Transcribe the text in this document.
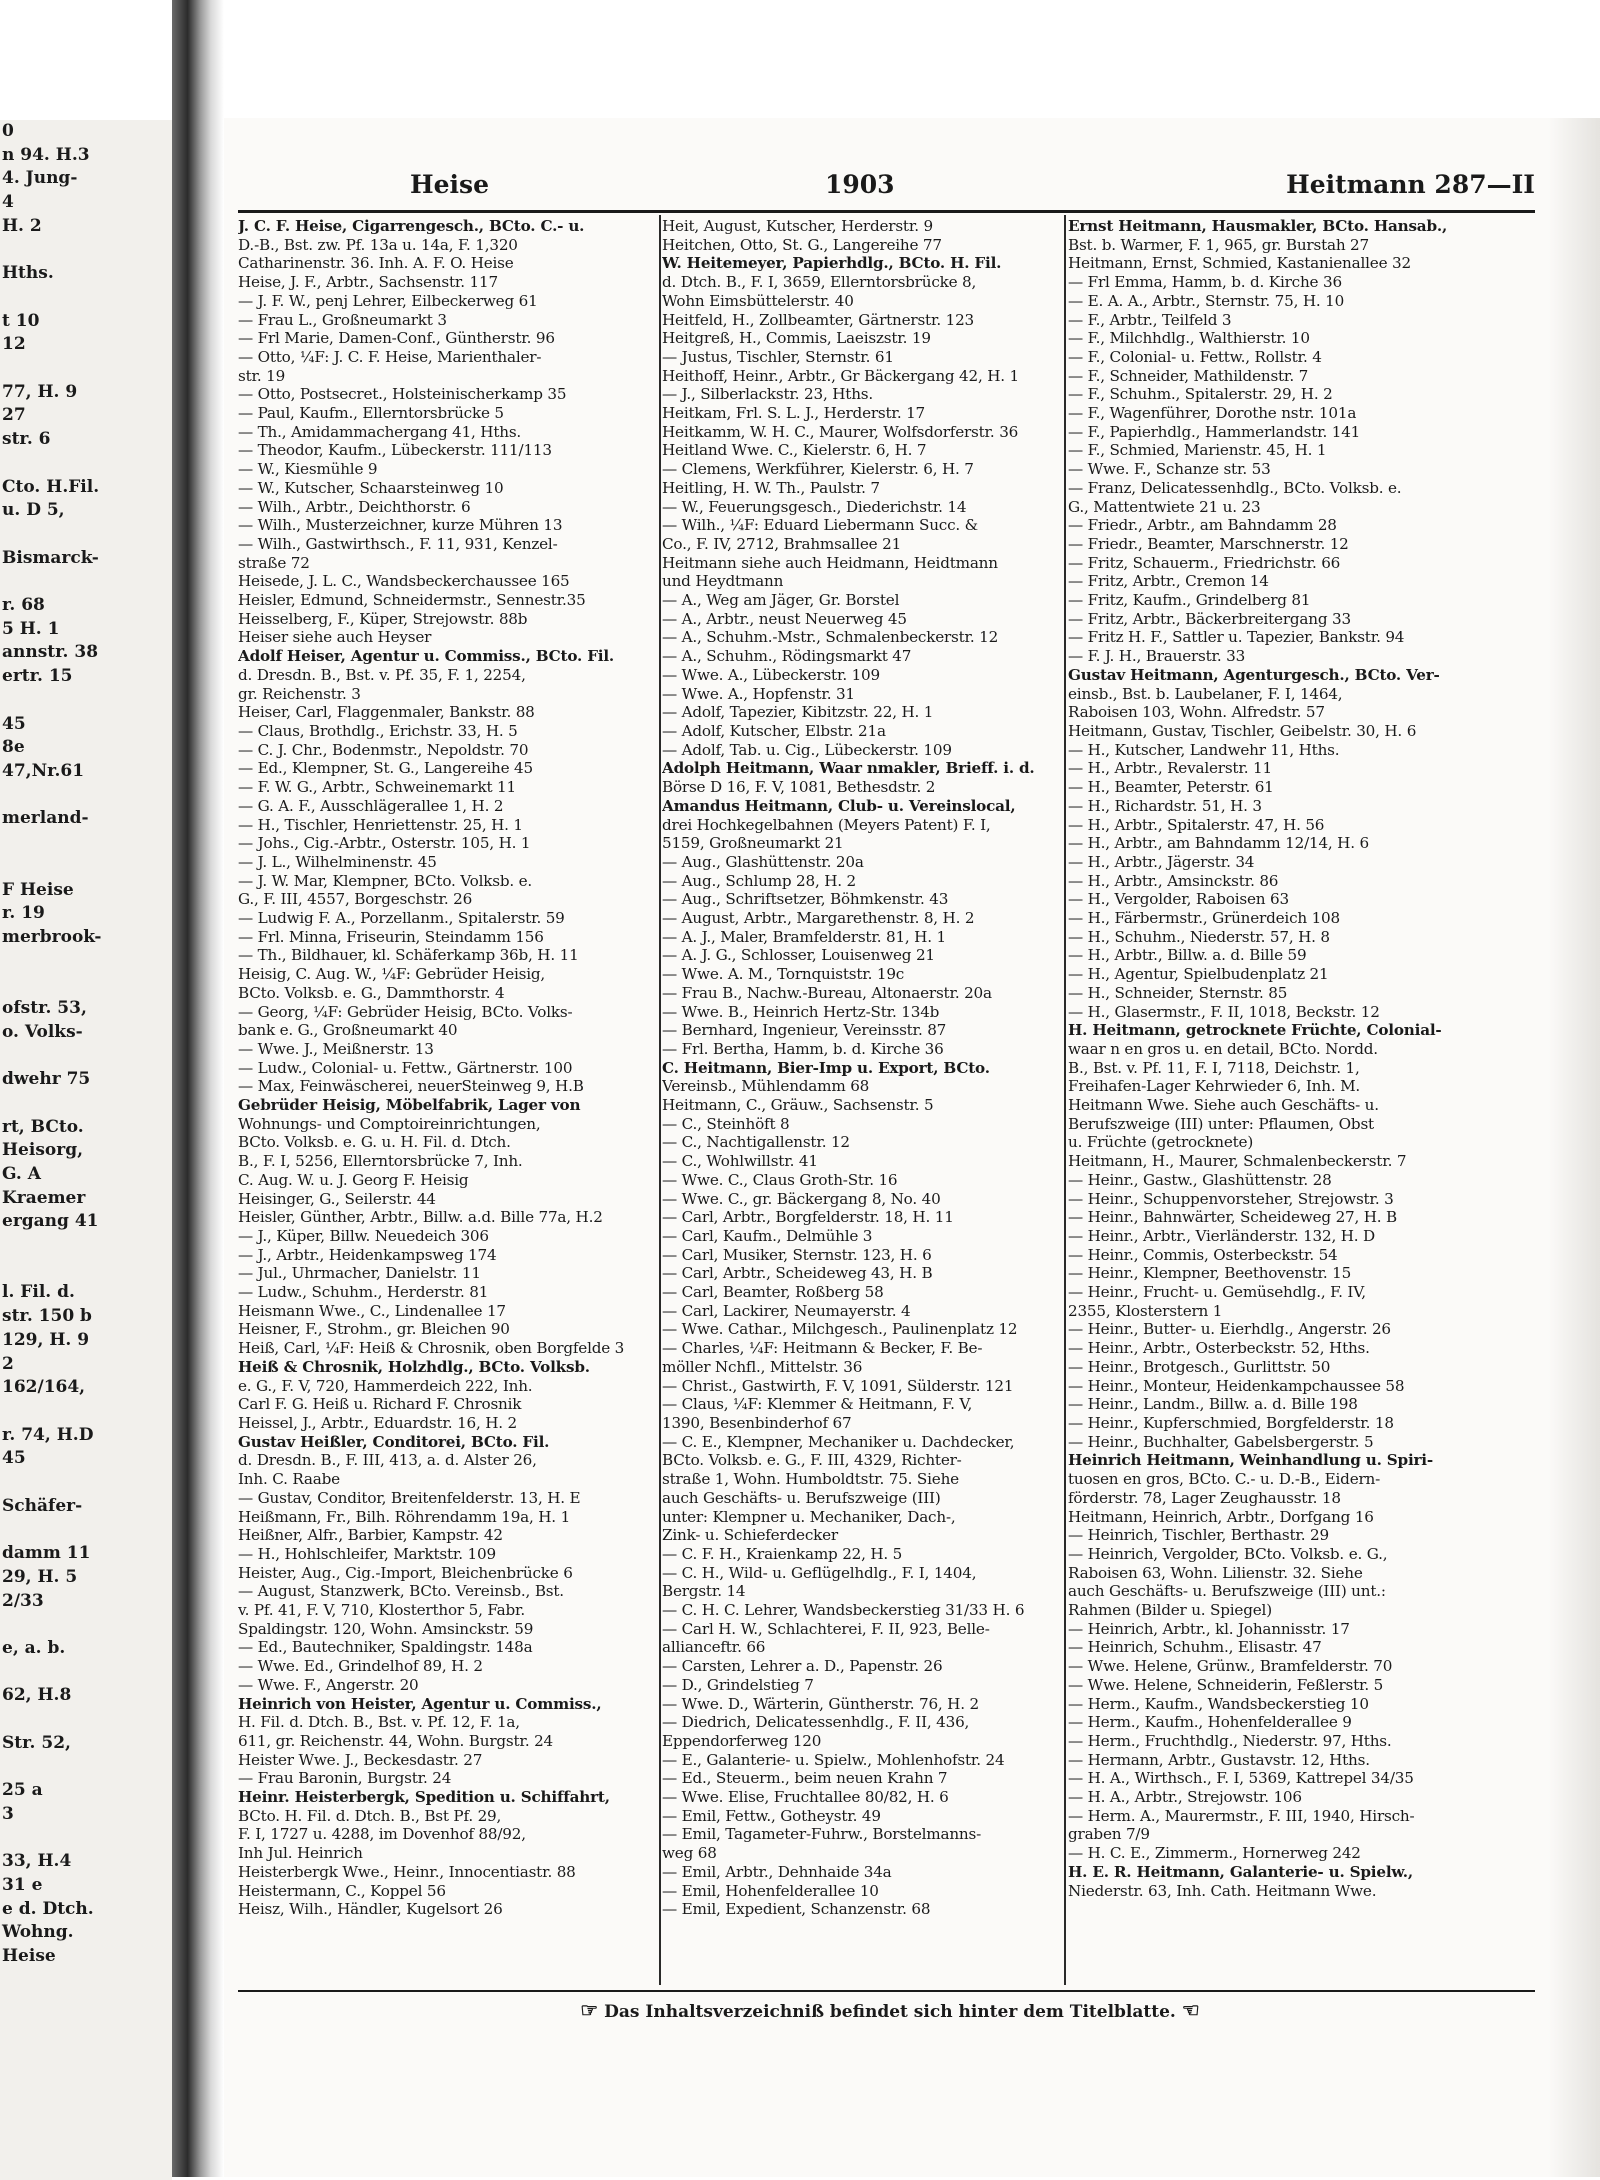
0
n 94. H.3
4. Jung-
4
H. 2

Hths.

t 10
12

77, H. 9
27
str. 6

Cto. H.Fil.
u. D 5,

Bismarck-

r. 68
5 H. 1
annstr. 38
ertr. 15

45
8e
47,Nr.61

merland-

F Heise
r. 19
merbrook-

ofstr. 53,
o. Volks-

dwehr 75

rt, BCto.
Heisorg,
G. A
Kraemer
ergang 41

l. Fil. d.
str. 150 b
129, H. 9
2
162/164,

r. 74, H.D
45

Schäfer-

damm 11
29, H. 5
2/33

e, a. b.

62, H.8

Str. 52,

25 a
3

33, H.4
31 e
e d. Dtch.
Wohng.
Heise
Heise	1903	Heitmann 287—II
J. C. F. Heise, Cigarrengesch., BCto. C.- u.
D.-B., Bst. zw. Pf. 13a u. 14a, F. 1,320
Catharinenstr. 36. Inh. A. F. O. Heise
Heise, J. F., Arbtr., Sachsenstr. 117
— J. F. W., penj Lehrer, Eilbeckerweg 61
— Frau L., Großneumarkt 3
— Frl Marie, Damen-Conf., Güntherstr. 96
— Otto, ¼F: J. C. F. Heise, Marienthaler-
str. 19
— Otto, Postsecret., Holsteinischerkamp 35
— Paul, Kaufm., Ellerntorsbrücke 5
— Th., Amidammachergang 41, Hths.
— Theodor, Kaufm., Lübeckerstr. 111/113
— W., Kiesmühle 9
— W., Kutscher, Schaarsteinweg 10
— Wilh., Arbtr., Deichthorstr. 6
— Wilh., Musterzeichner, kurze Mühren 13
— Wilh., Gastwirthsch., F. 11, 931, Kenzel-
straße 72
Heisede, J. L. C., Wandsbeckerchaussee 165
Heisler, Edmund, Schneidermstr., Sennestr.35
Heisselberg, F., Küper, Strejowstr. 88b
Heiser siehe auch Heyser
Adolf Heiser, Agentur u. Commiss., BCto. Fil.
d. Dresdn. B., Bst. v. Pf. 35, F. 1, 2254,
gr. Reichenstr. 3
Heiser, Carl, Flaggenmaler, Bankstr. 88
— Claus, Brothdlg., Erichstr. 33, H. 5
— C. J. Chr., Bodenmstr., Nepoldstr. 70
— Ed., Klempner, St. G., Langereihe 45
— F. W. G., Arbtr., Schweinemarkt 11
— G. A. F., Ausschlägerallee 1, H. 2
— H., Tischler, Henriettenstr. 25, H. 1
— Johs., Cig.-Arbtr., Osterstr. 105, H. 1
— J. L., Wilhelminenstr. 45
— J. W. Mar, Klempner, BCto. Volksb. e.
G., F. III, 4557, Borgeschstr. 26
— Ludwig F. A., Porzellanm., Spitalerstr. 59
— Frl. Minna, Friseurin, Steindamm 156
— Th., Bildhauer, kl. Schäferkamp 36b, H. 11
Heisig, C. Aug. W., ¼F: Gebrüder Heisig,
BCto. Volksb. e. G., Dammthorstr. 4
— Georg, ¼F: Gebrüder Heisig, BCto. Volks-
bank e. G., Großneumarkt 40
— Wwe. J., Meißnerstr. 13
— Ludw., Colonial- u. Fettw., Gärtnerstr. 100
— Max, Feinwäscherei, neuerSteinweg 9, H.B
Gebrüder Heisig, Möbelfabrik, Lager von
Wohnungs- und Comptoireinrichtungen,
BCto. Volksb. e. G. u. H. Fil. d. Dtch.
B., F. I, 5256, Ellerntorsbrücke 7, Inh.
C. Aug. W. u. J. Georg F. Heisig
Heisinger, G., Seilerstr. 44
Heisler, Günther, Arbtr., Billw. a.d. Bille 77a, H.2
— J., Küper, Billw. Neuedeich 306
— J., Arbtr., Heidenkampsweg 174
— Jul., Uhrmacher, Danielstr. 11
— Ludw., Schuhm., Herderstr. 81
Heismann Wwe., C., Lindenallee 17
Heisner, F., Strohm., gr. Bleichen 90
Heiß, Carl, ¼F: Heiß & Chrosnik, oben Borgfelde 3
Heiß & Chrosnik, Holzhdlg., BCto. Volksb.
e. G., F. V, 720, Hammerdeich 222, Inh.
Carl F. G. Heiß u. Richard F. Chrosnik
Heissel, J., Arbtr., Eduardstr. 16, H. 2
Gustav Heißler, Conditorei, BCto. Fil.
d. Dresdn. B., F. III, 413, a. d. Alster 26,
Inh. C. Raabe
— Gustav, Conditor, Breitenfelderstr. 13, H. E
Heißmann, Fr., Bilh. Röhrendamm 19a, H. 1
Heißner, Alfr., Barbier, Kampstr. 42
— H., Hohlschleifer, Marktstr. 109
Heister, Aug., Cig.-Import, Bleichenbrücke 6
— August, Stanzwerk, BCto. Vereinsb., Bst.
v. Pf. 41, F. V, 710, Klosterthor 5, Fabr.
Spaldingstr. 120, Wohn. Amsinckstr. 59
— Ed., Bautechniker, Spaldingstr. 148a
— Wwe. Ed., Grindelhof 89, H. 2
— Wwe. F., Angerstr. 20
Heinrich von Heister, Agentur u. Commiss.,
H. Fil. d. Dtch. B., Bst. v. Pf. 12, F. 1a,
611, gr. Reichenstr. 44, Wohn. Burgstr. 24
Heister Wwe. J., Beckesdastr. 27
— Frau Baronin, Burgstr. 24
Heinr. Heisterbergk, Spedition u. Schiffahrt,
BCto. H. Fil. d. Dtch. B., Bst Pf. 29,
F. I, 1727 u. 4288, im Dovenhof 88/92,
Inh Jul. Heinrich
Heisterbergk Wwe., Heinr., Innocentiastr. 88
Heistermann, C., Koppel 56
Heisz, Wilh., Händler, Kugelsort 26
Heit, August, Kutscher, Herderstr. 9
Heitchen, Otto, St. G., Langereihe 77
W. Heitemeyer, Papierhdlg., BCto. H. Fil.
d. Dtch. B., F. I, 3659, Ellerntorsbrücke 8,
Wohn Eimsbüttelerstr. 40
Heitfeld, H., Zollbeamter, Gärtnerstr. 123
Heitgreß, H., Commis, Laeiszstr. 19
— Justus, Tischler, Sternstr. 61
Heithoff, Heinr., Arbtr., Gr Bäckergang 42, H. 1
— J., Silberlackstr. 23, Hths.
Heitkam, Frl. S. L. J., Herderstr. 17
Heitkamm, W. H. C., Maurer, Wolfsdorferstr. 36
Heitland Wwe. C., Kielerstr. 6, H. 7
— Clemens, Werkführer, Kielerstr. 6, H. 7
Heitling, H. W. Th., Paulstr. 7
— W., Feuerungsgesch., Diederichstr. 14
— Wilh., ¼F: Eduard Liebermann Succ. &
Co., F. IV, 2712, Brahmsallee 21
Heitmann siehe auch Heidmann, Heidtmann
und Heydtmann
— A., Weg am Jäger, Gr. Borstel
— A., Arbtr., neust Neuerweg 45
— A., Schuhm.-Mstr., Schmalenbeckerstr. 12
— A., Schuhm., Rödingsmarkt 47
— Wwe. A., Lübeckerstr. 109
— Wwe. A., Hopfenstr. 31
— Adolf, Tapezier, Kibitzstr. 22, H. 1
— Adolf, Kutscher, Elbstr. 21a
— Adolf, Tab. u. Cig., Lübeckerstr. 109
Adolph Heitmann, Waar nmakler, Brieff. i. d.
Börse D 16, F. V, 1081, Bethesdstr. 2
Amandus Heitmann, Club- u. Vereinslocal,
drei Hochkegelbahnen (Meyers Patent) F. I,
5159, Großneumarkt 21
— Aug., Glashüttenstr. 20a
— Aug., Schlump 28, H. 2
— Aug., Schriftsetzer, Böhmkenstr. 43
— August, Arbtr., Margarethenstr. 8, H. 2
— A. J., Maler, Bramfelderstr. 81, H. 1
— A. J. G., Schlosser, Louisenweg 21
— Wwe. A. M., Tornquiststr. 19c
— Frau B., Nachw.-Bureau, Altonaerstr. 20a
— Wwe. B., Heinrich Hertz-Str. 134b
— Bernhard, Ingenieur, Vereinsstr. 87
— Frl. Bertha, Hamm, b. d. Kirche 36
C. Heitmann, Bier-Imp u. Export, BCto.
Vereinsb., Mühlendamm 68
Heitmann, C., Gräuw., Sachsenstr. 5
— C., Steinhöft 8
— C., Nachtigallenstr. 12
— C., Wohlwillstr. 41
— Wwe. C., Claus Groth-Str. 16
— Wwe. C., gr. Bäckergang 8, No. 40
— Carl, Arbtr., Borgfelderstr. 18, H. 11
— Carl, Kaufm., Delmühle 3
— Carl, Musiker, Sternstr. 123, H. 6
— Carl, Arbtr., Scheideweg 43, H. B
— Carl, Beamter, Roßberg 58
— Carl, Lackirer, Neumayerstr. 4
— Wwe. Cathar., Milchgesch., Paulinenplatz 12
— Charles, ¼F: Heitmann & Becker, F. Be-
möller Nchfl., Mittelstr. 36
— Christ., Gastwirth, F. V, 1091, Sülderstr. 121
— Claus, ¼F: Klemmer & Heitmann, F. V,
1390, Besenbinderhof 67
— C. E., Klempner, Mechaniker u. Dachdecker,
BCto. Volksb. e. G., F. III, 4329, Richter-
straße 1, Wohn. Humboldtstr. 75. Siehe
auch Geschäfts- u. Berufszweige (III)
unter: Klempner u. Mechaniker, Dach-,
Zink- u. Schieferdecker
— C. F. H., Kraienkamp 22, H. 5
— C. H., Wild- u. Geflügelhdlg., F. I, 1404,
Bergstr. 14
— C. H. C. Lehrer, Wandsbeckerstieg 31/33 H. 6
— Carl H. W., Schlachterei, F. II, 923, Belle-
allianceftr. 66
— Carsten, Lehrer a. D., Papenstr. 26
— D., Grindelstieg 7
— Wwe. D., Wärterin, Güntherstr. 76, H. 2
— Diedrich, Delicatessenhdlg., F. II, 436,
Eppendorferweg 120
— E., Galanterie- u. Spielw., Mohlenhofstr. 24
— Ed., Steuerm., beim neuen Krahn 7
— Wwe. Elise, Fruchtallee 80/82, H. 6
— Emil, Fettw., Gotheystr. 49
— Emil, Tagameter-Fuhrw., Borstelmanns-
weg 68
— Emil, Arbtr., Dehnhaide 34a
— Emil, Hohenfelderallee 10
— Emil, Expedient, Schanzenstr. 68
Ernst Heitmann, Hausmakler, BCto. Hansab.,
Bst. b. Warmer, F. 1, 965, gr. Burstah 27
Heitmann, Ernst, Schmied, Kastanienallee 32
— Frl Emma, Hamm, b. d. Kirche 36
— E. A. A., Arbtr., Sternstr. 75, H. 10
— F., Arbtr., Teilfeld 3
— F., Milchhdlg., Walthierstr. 10
— F., Colonial- u. Fettw., Rollstr. 4
— F., Schneider, Mathildenstr. 7
— F., Schuhm., Spitalerstr. 29, H. 2
— F., Wagenführer, Dorothe nstr. 101a
— F., Papierhdlg., Hammerlandstr. 141
— F., Schmied, Marienstr. 45, H. 1
— Wwe. F., Schanze str. 53
— Franz, Delicatessenhdlg., BCto. Volksb. e.
G., Mattentwiete 21 u. 23
— Friedr., Arbtr., am Bahndamm 28
— Friedr., Beamter, Marschnerstr. 12
— Fritz, Schauerm., Friedrichstr. 66
— Fritz, Arbtr., Cremon 14
— Fritz, Kaufm., Grindelberg 81
— Fritz, Arbtr., Bäckerbreitergang 33
— Fritz H. F., Sattler u. Tapezier, Bankstr. 94
— F. J. H., Brauerstr. 33
Gustav Heitmann, Agenturgesch., BCto. Ver-
einsb., Bst. b. Laubelaner, F. I, 1464,
Raboisen 103, Wohn. Alfredstr. 57
Heitmann, Gustav, Tischler, Geibelstr. 30, H. 6
— H., Kutscher, Landwehr 11, Hths.
— H., Arbtr., Revalerstr. 11
— H., Beamter, Peterstr. 61
— H., Richardstr. 51, H. 3
— H., Arbtr., Spitalerstr. 47, H. 56
— H., Arbtr., am Bahndamm 12/14, H. 6
— H., Arbtr., Jägerstr. 34
— H., Arbtr., Amsinckstr. 86
— H., Vergolder, Raboisen 63
— H., Färbermstr., Grünerdeich 108
— H., Schuhm., Niederstr. 57, H. 8
— H., Arbtr., Billw. a. d. Bille 59
— H., Agentur, Spielbudenplatz 21
— H., Schneider, Sternstr. 85
— H., Glasermstr., F. II, 1018, Beckstr. 12
H. Heitmann, getrocknete Früchte, Colonial-
waar n en gros u. en detail, BCto. Nordd.
B., Bst. v. Pf. 11, F. I, 7118, Deichstr. 1,
Freihafen-Lager Kehrwieder 6, Inh. M.
Heitmann Wwe. Siehe auch Geschäfts- u.
Berufszweige (III) unter: Pflaumen, Obst
u. Früchte (getrocknete)
Heitmann, H., Maurer, Schmalenbeckerstr. 7
— Heinr., Gastw., Glashüttenstr. 28
— Heinr., Schuppenvorsteher, Strejowstr. 3
— Heinr., Bahnwärter, Scheideweg 27, H. B
— Heinr., Arbtr., Vierländerstr. 132, H. D
— Heinr., Commis, Osterbeckstr. 54
— Heinr., Klempner, Beethovenstr. 15
— Heinr., Frucht- u. Gemüsehdlg., F. IV,
2355, Klosterstern 1
— Heinr., Butter- u. Eierhdlg., Angerstr. 26
— Heinr., Arbtr., Osterbeckstr. 52, Hths.
— Heinr., Brotgesch., Gurlittstr. 50
— Heinr., Monteur, Heidenkampchaussee 58
— Heinr., Landm., Billw. a. d. Bille 198
— Heinr., Kupferschmied, Borgfelderstr. 18
— Heinr., Buchhalter, Gabelsbergerstr. 5
Heinrich Heitmann, Weinhandlung u. Spiri-
tuosen en gros, BCto. C.- u. D.-B., Eidern-
förderstr. 78, Lager Zeughausstr. 18
Heitmann, Heinrich, Arbtr., Dorfgang 16
— Heinrich, Tischler, Berthastr. 29
— Heinrich, Vergolder, BCto. Volksb. e. G.,
Raboisen 63, Wohn. Lilienstr. 32. Siehe
auch Geschäfts- u. Berufszweige (III) unt.:
Rahmen (Bilder u. Spiegel)
— Heinrich, Arbtr., kl. Johannisstr. 17
— Heinrich, Schuhm., Elisastr. 47
— Wwe. Helene, Grünw., Bramfelderstr. 70
— Wwe. Helene, Schneiderin, Feßlerstr. 5
— Herm., Kaufm., Wandsbeckerstieg 10
— Herm., Kaufm., Hohenfelderallee 9
— Herm., Fruchthdlg., Niederstr. 97, Hths.
— Hermann, Arbtr., Gustavstr. 12, Hths.
— H. A., Wirthsch., F. I, 5369, Kattrepel 34/35
— H. A., Arbtr., Strejowstr. 106
— Herm. A., Maurermstr., F. III, 1940, Hirsch-
graben 7/9
— H. C. E., Zimmerm., Hornerweg 242
H. E. R. Heitmann, Galanterie- u. Spielw.,
Niederstr. 63, Inh. Cath. Heitmann Wwe.
☞ Das Inhaltsverzeichniß befindet sich hinter dem Titelblatte. ☜
